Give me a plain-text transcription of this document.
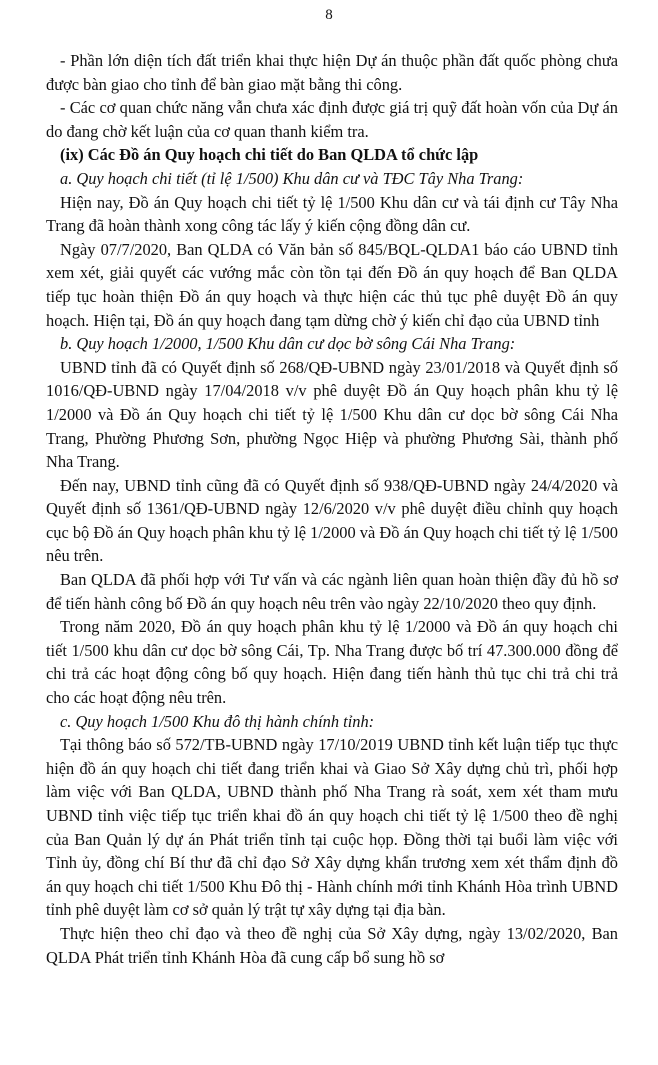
8

- Phần lớn diện tích đất triển khai thực hiện Dự án thuộc phần đất quốc phòng chưa được bàn giao cho tỉnh để bàn giao mặt bằng thi công.

- Các cơ quan chức năng vẫn chưa xác định được giá trị quỹ đất hoàn vốn của Dự án do đang chờ kết luận của cơ quan thanh kiểm tra.

(ix) Các Đồ án Quy hoạch chi tiết do Ban QLDA tổ chức lập

a. Quy hoạch chi tiết (tỉ lệ 1/500) Khu dân cư và TĐC Tây Nha Trang:

Hiện nay, Đồ án Quy hoạch chi tiết tỷ lệ 1/500 Khu dân cư và tái định cư Tây Nha Trang đã hoàn thành xong công tác lấy ý kiến cộng đồng dân cư.

Ngày 07/7/2020, Ban QLDA có Văn bản số 845/BQL-QLDA1 báo cáo UBND tỉnh xem xét, giải quyết các vướng mắc còn tồn tại đến Đồ án quy hoạch để Ban QLDA tiếp tục hoàn thiện Đồ án quy hoạch và thực hiện các thủ tục phê duyệt Đồ án quy hoạch. Hiện tại, Đồ án quy hoạch đang tạm dừng chờ ý kiến chỉ đạo của UBND tỉnh

b. Quy hoạch 1/2000, 1/500 Khu dân cư dọc bờ sông Cái Nha Trang:

UBND tỉnh đã có Quyết định số 268/QĐ-UBND ngày 23/01/2018 và Quyết định số 1016/QĐ-UBND ngày 17/04/2018 v/v phê duyệt Đồ án Quy hoạch phân khu tỷ lệ 1/2000 và Đồ án Quy hoạch chi tiết tỷ lệ 1/500 Khu dân cư dọc bờ sông Cái Nha Trang, Phường Phương Sơn, phường Ngọc Hiệp và phường Phương Sài, thành phố Nha Trang.

Đến nay, UBND tỉnh cũng đã có Quyết định số 938/QĐ-UBND ngày 24/4/2020 và Quyết định số 1361/QĐ-UBND ngày 12/6/2020 v/v phê duyệt điều chỉnh quy hoạch cục bộ Đồ án Quy hoạch phân khu tỷ lệ 1/2000 và Đồ án Quy hoạch chi tiết tỷ lệ 1/500 nêu trên.

Ban QLDA đã phối hợp với Tư vấn và các ngành liên quan hoàn thiện đầy đủ hồ sơ để tiến hành công bố Đồ án quy hoạch nêu trên vào ngày 22/10/2020 theo quy định.

Trong năm 2020, Đồ án quy hoạch phân khu tỷ lệ 1/2000 và Đồ án quy hoạch chi tiết 1/500 khu dân cư dọc bờ sông Cái, Tp. Nha Trang được bố trí 47.300.000 đồng để chi trả các hoạt động công bố quy hoạch. Hiện đang tiến hành thủ tục chi trả chi trả cho các hoạt động nêu trên.

c. Quy hoạch 1/500 Khu đô thị hành chính tỉnh:

Tại thông báo số 572/TB-UBND ngày 17/10/2019 UBND tỉnh kết luận tiếp tục thực hiện đồ án quy hoạch chi tiết đang triển khai và Giao Sở Xây dựng chủ trì, phối hợp làm việc với Ban QLDA, UBND thành phố Nha Trang rà soát, xem xét tham mưu UBND tỉnh việc tiếp tục triển khai đồ án quy hoạch chi tiết tỷ lệ 1/500 theo đề nghị của Ban Quản lý dự án Phát triển tỉnh tại cuộc họp. Đồng thời tại buổi làm việc với Tỉnh ủy, đồng chí Bí thư đã chỉ đạo Sở Xây dựng khẩn trương xem xét thẩm định đồ án quy hoạch chi tiết 1/500 Khu Đô thị - Hành chính mới tỉnh Khánh Hòa trình UBND tỉnh phê duyệt làm cơ sở quản lý trật tự xây dựng tại địa bàn.

Thực hiện theo chỉ đạo và theo đề nghị của Sở Xây dựng, ngày 13/02/2020, Ban QLDA Phát triển tỉnh Khánh Hòa đã cung cấp bổ sung hồ sơ
